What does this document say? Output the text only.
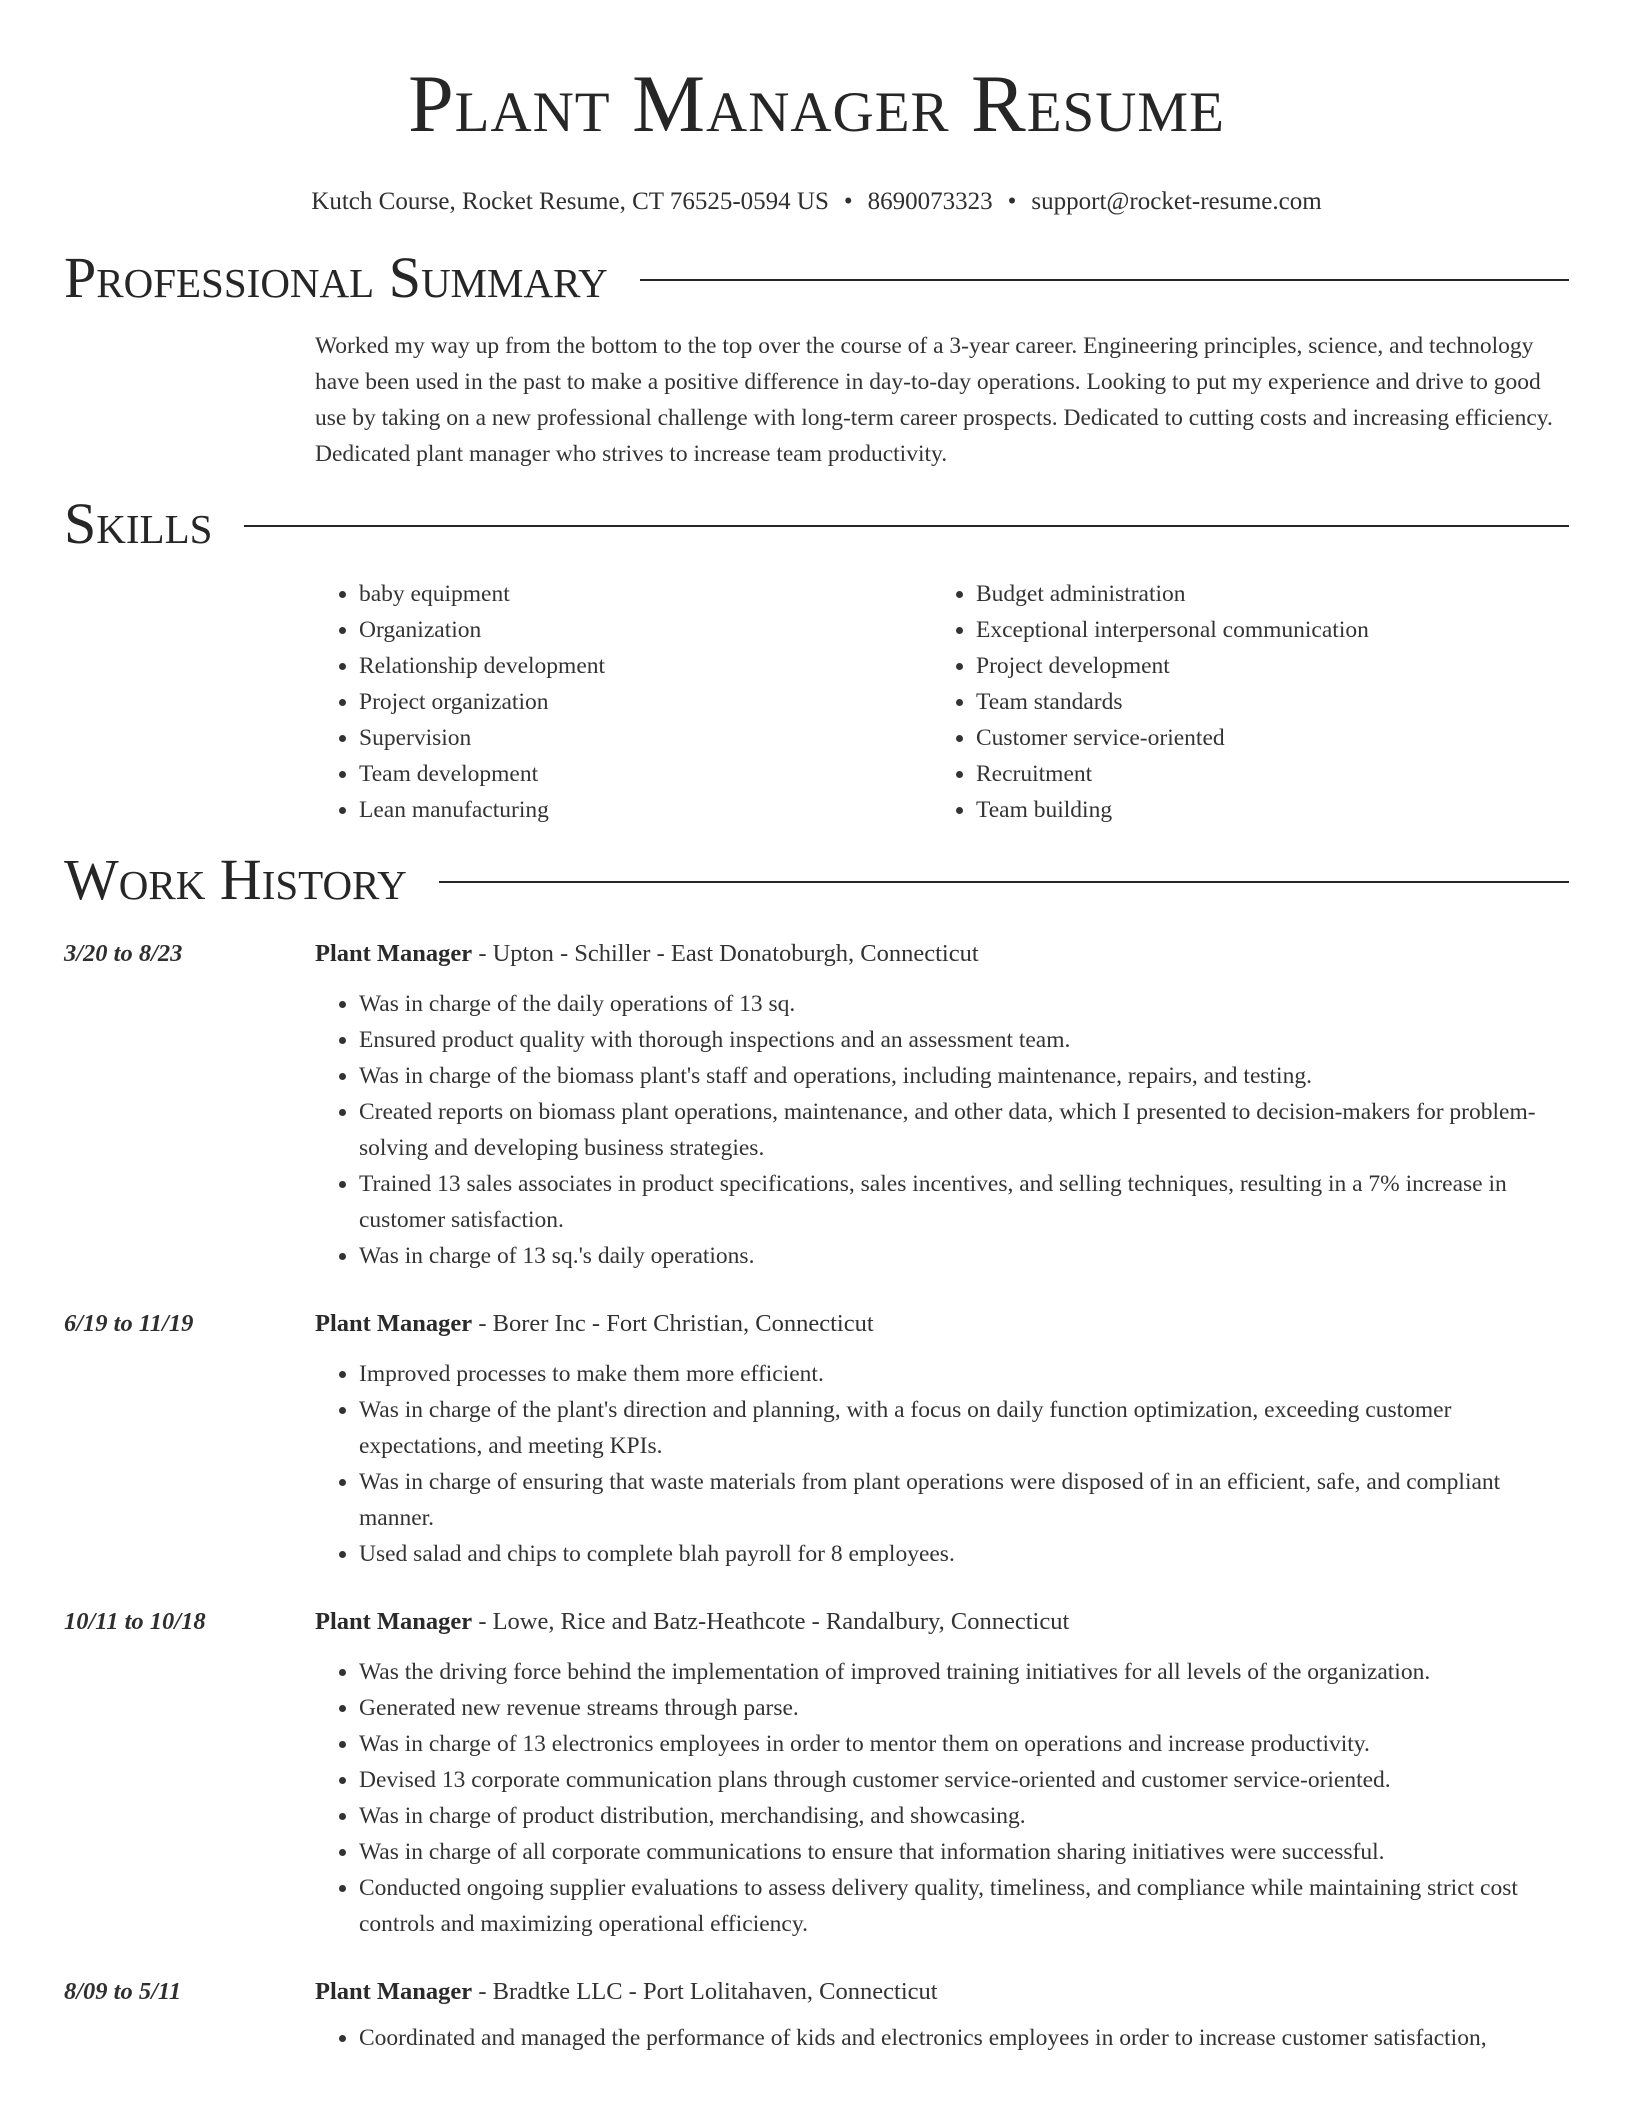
Plant Manager Resume
Kutch Course, Rocket Resume, CT 76525-0594 US • 8690073323 • support@rocket-resume.com
Professional Summary
Worked my way up from the bottom to the top over the course of a 3-year career. Engineering principles, science, and technology have been used in the past to make a positive difference in day-to-day operations. Looking to put my experience and drive to good use by taking on a new professional challenge with long-term career prospects. Dedicated to cutting costs and increasing efficiency. Dedicated plant manager who strives to increase team productivity.
Skills
• baby equipment
• Organization
• Relationship development
• Project organization
• Supervision
• Team development
• Lean manufacturing
• Budget administration
• Exceptional interpersonal communication
• Project development
• Team standards
• Customer service-oriented
• Recruitment
• Team building
Work History
3/20 to 8/23	Plant Manager - Upton - Schiller - East Donatoburgh, Connecticut
• Was in charge of the daily operations of 13 sq.
• Ensured product quality with thorough inspections and an assessment team.
• Was in charge of the biomass plant's staff and operations, including maintenance, repairs, and testing.
• Created reports on biomass plant operations, maintenance, and other data, which I presented to decision-makers for problem-solving and developing business strategies.
• Trained 13 sales associates in product specifications, sales incentives, and selling techniques, resulting in a 7% increase in customer satisfaction.
• Was in charge of 13 sq.'s daily operations.
6/19 to 11/19	Plant Manager - Borer Inc - Fort Christian, Connecticut
• Improved processes to make them more efficient.
• Was in charge of the plant's direction and planning, with a focus on daily function optimization, exceeding customer expectations, and meeting KPIs.
• Was in charge of ensuring that waste materials from plant operations were disposed of in an efficient, safe, and compliant manner.
• Used salad and chips to complete blah payroll for 8 employees.
10/11 to 10/18	Plant Manager - Lowe, Rice and Batz-Heathcote - Randalbury, Connecticut
• Was the driving force behind the implementation of improved training initiatives for all levels of the organization.
• Generated new revenue streams through parse.
• Was in charge of 13 electronics employees in order to mentor them on operations and increase productivity.
• Devised 13 corporate communication plans through customer service-oriented and customer service-oriented.
• Was in charge of product distribution, merchandising, and showcasing.
• Was in charge of all corporate communications to ensure that information sharing initiatives were successful.
• Conducted ongoing supplier evaluations to assess delivery quality, timeliness, and compliance while maintaining strict cost controls and maximizing operational efficiency.
8/09 to 5/11	Plant Manager - Bradtke LLC - Port Lolitahaven, Connecticut
• Coordinated and managed the performance of kids and electronics employees in order to increase customer satisfaction,
